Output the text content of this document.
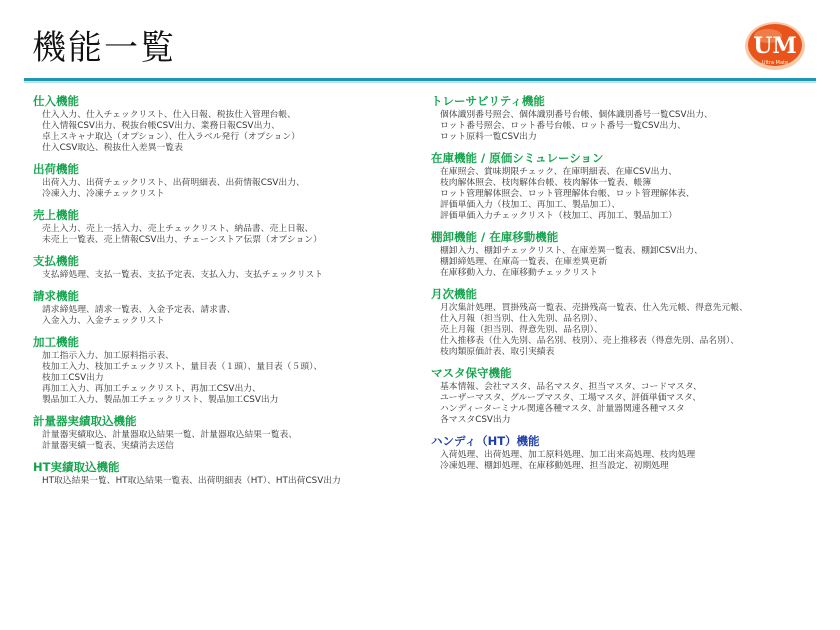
機能一覧	UM
Ultra Mate
仕入機能
仕入入力、仕入チェックリスト、仕入日報、税抜仕入管理台帳、
仕入情報CSV出力、税抜台帳CSV出力、業務日報CSV出力、
卓上スキャナ取込（オプション）、仕入ラベル発行（オプション）
仕入CSV取込、税抜仕入差異一覧表
出荷機能
出荷入力、出荷チェックリスト、出荷明細表、出荷情報CSV出力、
冷凍入力、冷凍チェックリスト
売上機能
売上入力、売上一括入力、売上チェックリスト、納品書、売上日報、
未売上一覧表、売上情報CSV出力、チェーンストア伝票（オプション）
支払機能
支払締処理、支払一覧表、支払予定表、支払入力、支払チェックリスト
請求機能
請求締処理、請求一覧表、入金予定表、請求書、
入金入力、入金チェックリスト
加工機能
加工指示入力、加工原料指示表、
枝加工入力、枝加工チェックリスト、量目表（１頭）、量目表（５頭）、
枝加工CSV出力
再加工入力、再加工チェックリスト、再加工CSV出力、
製品加工入力、製品加工チェックリスト、製品加工CSV出力
計量器実績取込機能
計量器実績取込、計量器取込結果一覧、計量器取込結果一覧表、
計量器実績一覧表、実績消去送信
HT実績取込機能
HT取込結果一覧、HT取込結果一覧表、出荷明細表（HT）、HT出荷CSV出力
トレーサビリティ機能
個体識別番号照会、個体識別番号台帳、個体識別番号一覧CSV出力、
ロット番号照会、ロット番号台帳、ロット番号一覧CSV出力、
ロット原料一覧CSV出力
在庫機能 / 原価シミュレーション
在庫照会、賞味期限チェック、在庫明細表、在庫CSV出力、
枝肉解体照会、枝肉解体台帳、枝肉解体一覧表、帳簿
ロット管理解体照会、ロット管理解体台帳、ロット管理解体表、
評価単価入力（枝加工、再加工、製品加工）、
評価単価入力チェックリスト（枝加工、再加工、製品加工）
棚卸機能 / 在庫移動機能
棚卸入力、棚卸チェックリスト、在庫差異一覧表、棚卸CSV出力、
棚卸締処理、在庫高一覧表、在庫差異更新
在庫移動入力、在庫移動チェックリスト
月次機能
月次集計処理、買掛残高一覧表、売掛残高一覧表、仕入先元帳、得意先元帳、
仕入月報（担当別、仕入先別、品名別）、
売上月報（担当別、得意先別、品名別）、
仕入推移表（仕入先別、品名別、枝別）、売上推移表（得意先別、品名別）、
枝肉類原価計表、取引実績表
マスタ保守機能
基本情報、会社マスタ、品名マスタ、担当マスタ、コードマスタ、
ユーザーマスタ、グループマスタ、工場マスタ、評価単価マスタ、
ハンディーターミナル関連各種マスタ、計量器関連各種マスタ
各マスタCSV出力
ハンディ（HT）機能
入荷処理、出荷処理、加工原料処理、加工出来高処理、枝肉処理
冷凍処理、棚卸処理、在庫移動処理、担当設定、初期処理
